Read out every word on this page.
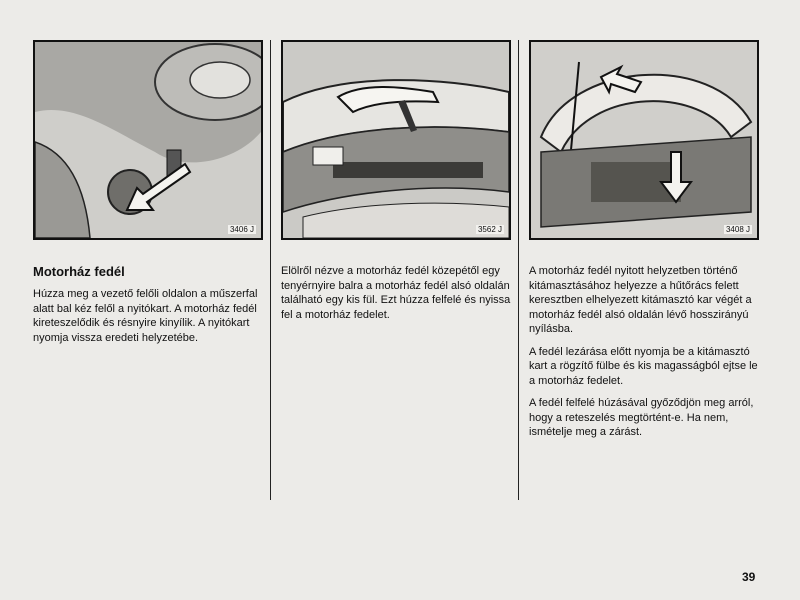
3406 J
Motorház fedél

Húzza meg a vezető felőli oldalon a műszerfal alatt bal kéz felől a nyitókart. A motorház fedél kireteszelődik és résnyire kinyílik. A nyitókart nyomja vissza eredeti helyzetébe.

3562 J

Elölről nézve a motorház fedél közepétől egy tenyérnyire balra a motorház fedél alsó oldalán található egy kis fül. Ezt húzza felfelé és nyissa fel a motorház fedelet.

3408 J

A motorház fedél nyitott helyzetben történő kitámasztásához helyezze a hűtőrács felett keresztben elhelyezett kitámasztó kar végét a motorház fedél alsó oldalán lévő hosszirányú nyílásba.

A fedél lezárása előtt nyomja be a kitámasztó kart a rögzítő fülbe és kis magasságból ejtse le a motorház fedelet.

A fedél felfelé húzásával győződjön meg arról, hogy a reteszelés megtörtént-e. Ha nem, ismételje meg a zárást.

39
